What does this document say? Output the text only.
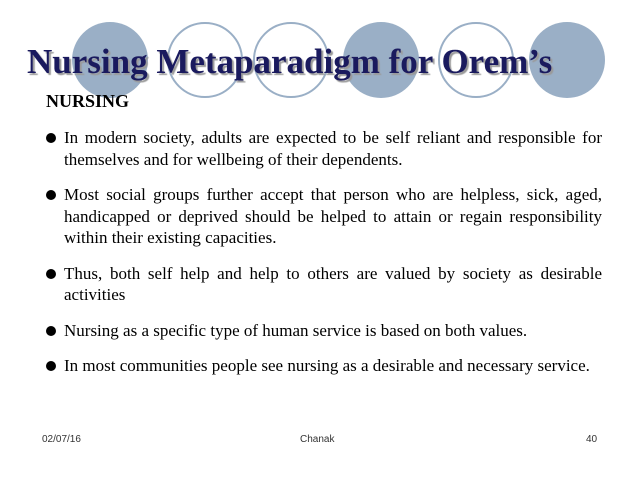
Nursing Metaparadigm for Orem’s
NURSING
In modern society, adults are expected to be self reliant and responsible for themselves and for wellbeing of their dependents.
Most social groups further accept that person who are helpless, sick, aged, handicapped or deprived should be helped to attain or regain responsibility within their existing capacities.
Thus, both self help and help to others are valued by society as desirable activities
Nursing as a specific type of human service is based on both values.
In most communities people see nursing as a desirable and necessary service.
02/07/16	Chanak	40
